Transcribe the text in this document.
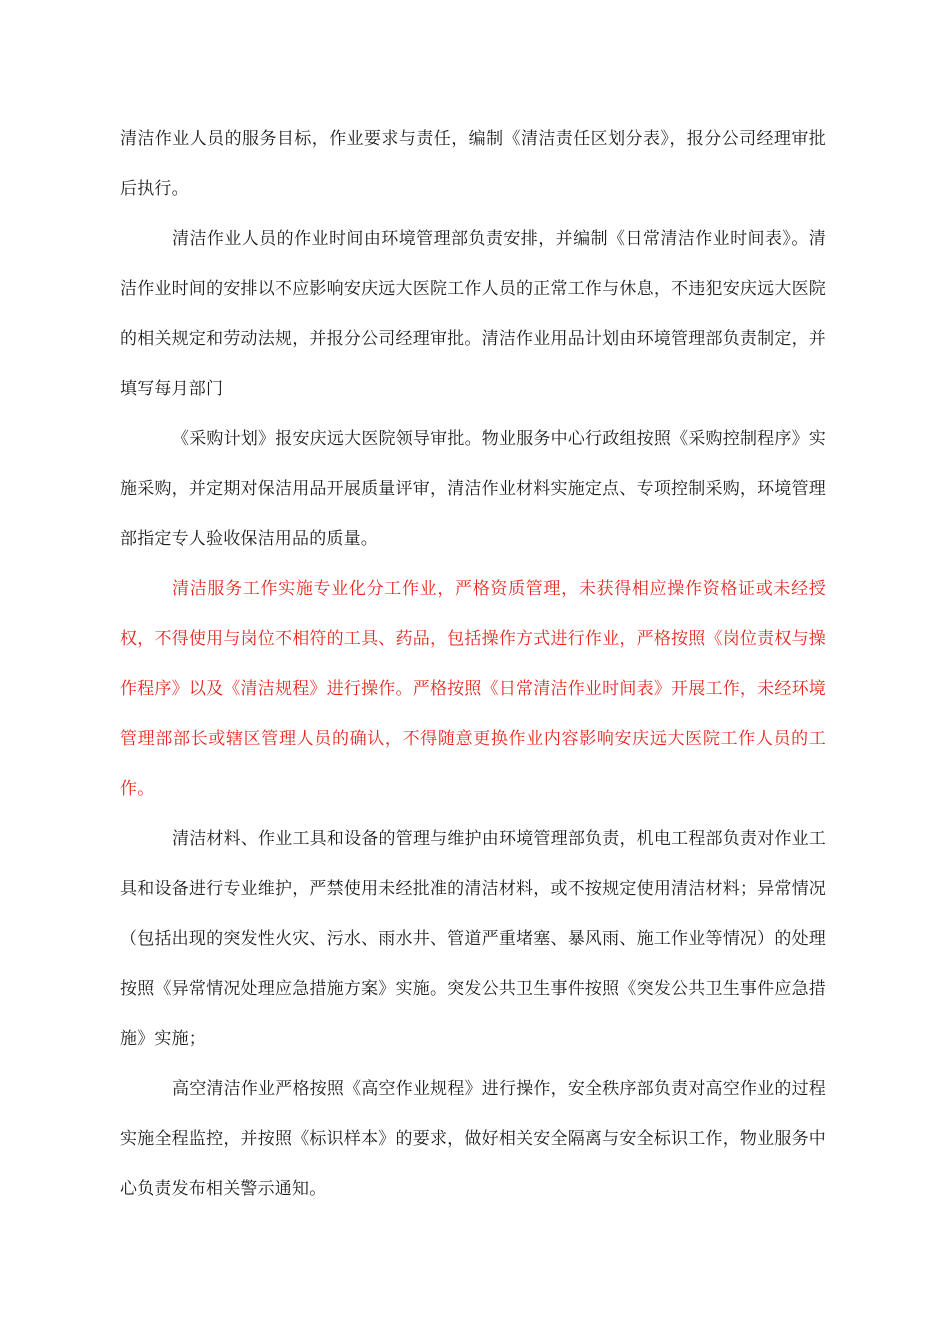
清洁作业人员的服务目标，作业要求与责任，编制《清洁责任区划分表》，报分公司经理审批后执行。

清洁作业人员的作业时间由环境管理部负责安排，并编制《日常清洁作业时间表》。清洁作业时间的安排以不应影响安庆远大医院工作人员的正常工作与休息，不违犯安庆远大医院的相关规定和劳动法规，并报分公司经理审批。清洁作业用品计划由环境管理部负责制定，并填写每月部门

《采购计划》报安庆远大医院领导审批。物业服务中心行政组按照《采购控制程序》实施采购，并定期对保洁用品开展质量评审，清洁作业材料实施定点、专项控制采购，环境管理部指定专人验收保洁用品的质量。

清洁服务工作实施专业化分工作业，严格资质管理，未获得相应操作资格证或未经授权，不得使用与岗位不相符的工具、药品，包括操作方式进行作业，严格按照《岗位责权与操作程序》以及《清洁规程》进行操作。严格按照《日常清洁作业时间表》开展工作，未经环境管理部部长或辖区管理人员的确认，不得随意更换作业内容影响安庆远大医院工作人员的工作。

清洁材料、作业工具和设备的管理与维护由环境管理部负责，机电工程部负责对作业工具和设备进行专业维护，严禁使用未经批准的清洁材料，或不按规定使用清洁材料；异常情况（包括出现的突发性火灾、污水、雨水井、管道严重堵塞、暴风雨、施工作业等情况）的处理按照《异常情况处理应急措施方案》实施。突发公共卫生事件按照《突发公共卫生事件应急措施》实施；

高空清洁作业严格按照《高空作业规程》进行操作，安全秩序部负责对高空作业的过程实施全程监控，并按照《标识样本》的要求，做好相关安全隔离与安全标识工作，物业服务中心负责发布相关警示通知。
